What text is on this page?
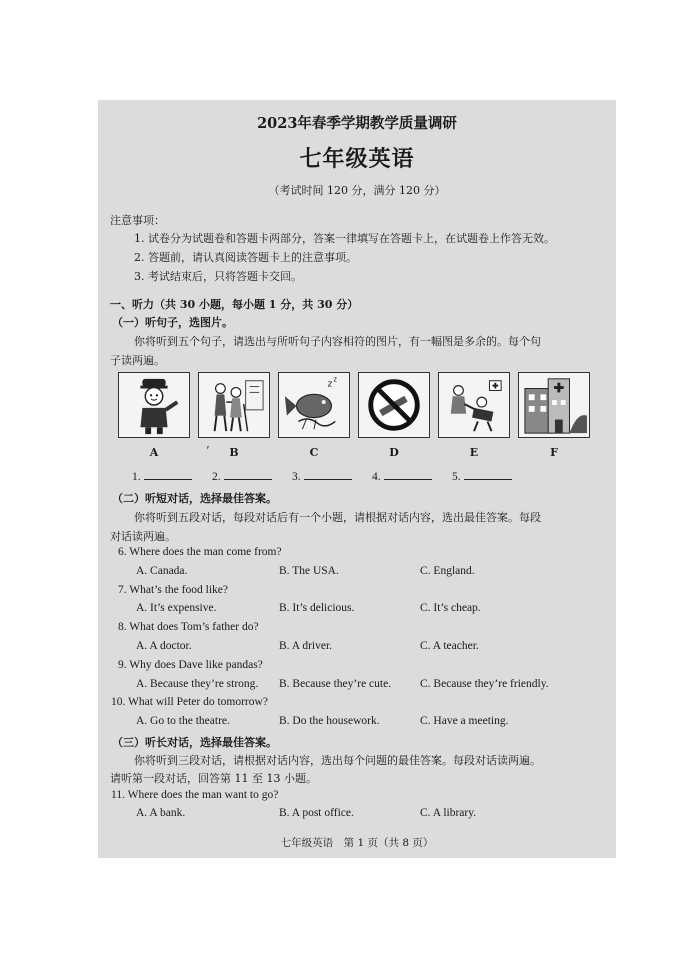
2023年春季学期教学质量调研
七年级英语
（考试时间 120 分，满分 120 分）
注意事项：
1. 试卷分为试题卷和答题卡两部分，答案一律填写在答题卡上，在试题卷上作答无效。
2. 答题前，请认真阅读答题卡上的注意事项。
3. 考试结束后，只将答题卡交回。
一、听力（共 30 小题，每小题 1 分，共 30 分）
（一）听句子，选图片。
你将听到五个句子，请选出与所听句子内容相符的图片，有一幅图是多余的。每个句
子读两遍。
z z
A	’	B	C	D	E	F
1.	2.	3.	4.	5.
（二）听短对话，选择最佳答案。
你将听到五段对话，每段对话后有一个小题，请根据对话内容，选出最佳答案。每段
对话读两遍。
6. Where does the man come from?
A. Canada.	B. The USA.	C. England.
7. What’s the food like?
A. It’s expensive.	B. It’s delicious.	C. It’s cheap.
8. What does Tom’s father do?
A. A doctor.	B. A driver.	C. A teacher.
9. Why does Dave like pandas?
A. Because they’re strong. B. Because they’re cute.	C. Because they’re friendly.
10. What will Peter do tomorrow?
A. Go to the theatre.	B. Do the housework.	C. Have a meeting.
（三）听长对话，选择最佳答案。
你将听到三段对话，请根据对话内容，选出每个问题的最佳答案。每段对话读两遍。
请听第一段对话，回答第 11 至 13 小题。
11. Where does the man want to go?
A. A bank.	B. A post office.	C. A library.
七年级英语　第 1 页（共 8 页）
